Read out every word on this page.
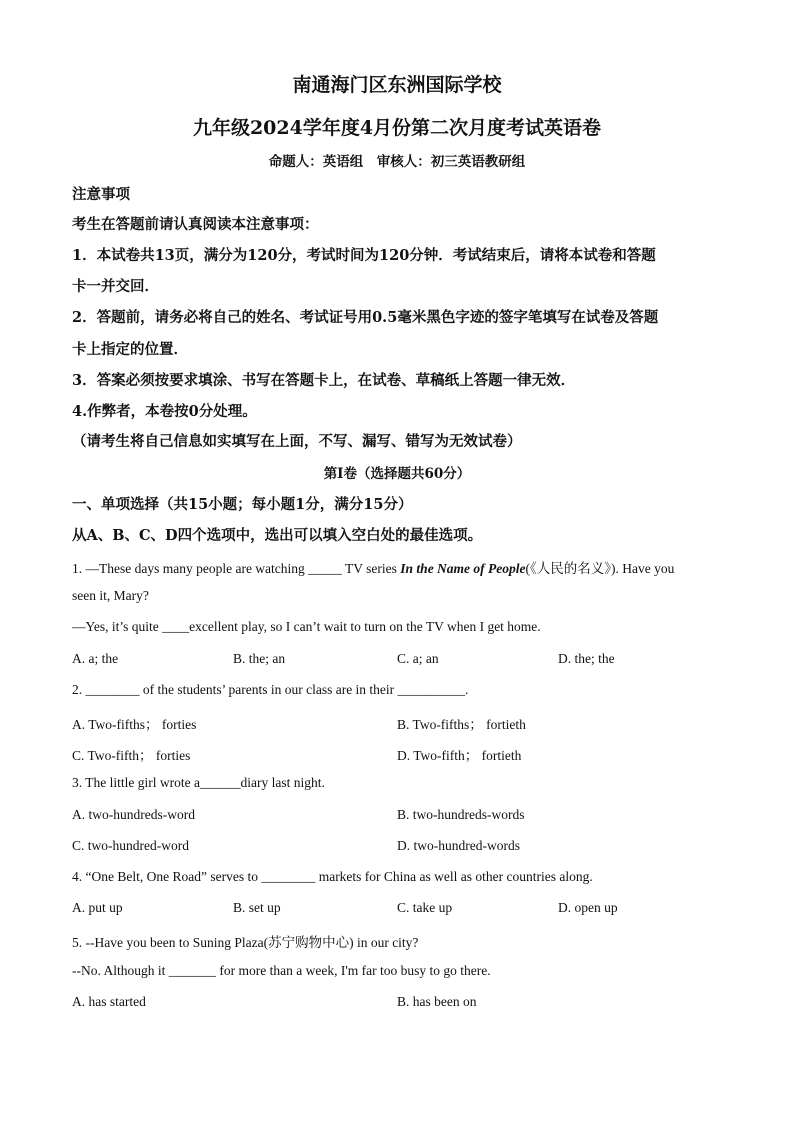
南通海门区东洲国际学校
九年级2024学年度4月份第二次月度考试英语卷
命题人：英语组　审核人：初三英语教研组
注意事项
考生在答题前请认真阅读本注意事项：
1．本试卷共13页，满分为120分，考试时间为120分钟．考试结束后，请将本试卷和答题
卡一并交回．
2．答题前，请务必将自己的姓名、考试证号用0.5毫米黑色字迹的签字笔填写在试卷及答题
卡上指定的位置．
3．答案必须按要求填涂、书写在答题卡上，在试卷、草稿纸上答题一律无效．
4.作弊者，本卷按0分处理。
（请考生将自己信息如实填写在上面，不写、漏写、错写为无效试卷）
第Ⅰ卷（选择题共60分）
一、单项选择（共15小题；每小题1分，满分15分）
从A、B、C、D四个选项中，选出可以填入空白处的最佳选项。
1. —These days many people are watching _____ TV series In the Name of People(《人民的名义》). Have you
seen it, Mary?
—Yes, it’s quite ____excellent play, so I can’t wait to turn on the TV when I get home.
A. a; the	B. the; an	C. a; an	D. the; the
2. ________ of the students’ parents in our class are in their __________.
A. Two-fifths； forties	B. Two-fifths； fortieth
C. Two-fifth； forties	D. Two-fifth； fortieth
3. The little girl wrote a______diary last night.
A. two-hundreds-word	B. two-hundreds-words
C. two-hundred-word	D. two-hundred-words
4. “One Belt, One Road” serves to ________ markets for China as well as other countries along.
A. put up	B. set up	C. take up	D. open up
5. --Have you been to Suning Plaza(苏宁购物中心) in our city?
--No. Although it _______ for more than a week, I'm far too busy to go there.
A. has started	B. has been on
